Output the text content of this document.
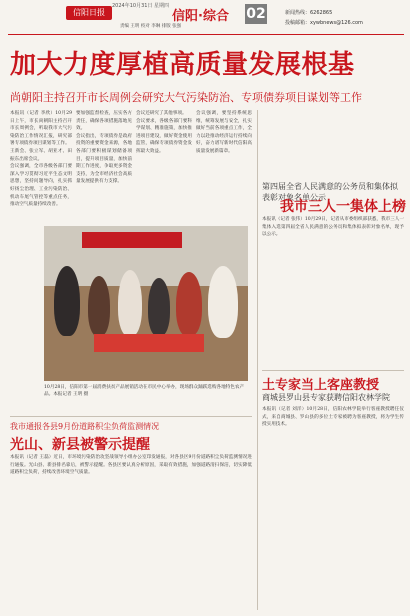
信阳日报
2024年10月31日 星期四
信阳·综合 02
责编 王明 校对 李琳 排版 张强
新闻热线：6262865
投稿邮箱：xywbnews@126.com
加大力度厚植高质量发展根基
尚朝阳主持召开市长周例会研究大气污染防治、专项债券项目谋划等工作

本报讯（记者 李欣）10月29日上午，市长尚朝阳主持召开市长周例会，听取我市大气污染防治工作情况汇报，研究部署专项债券项目谋划等工作。

王新会、张立军、胡亚才、田振东出席会议。

会议强调，全市各级各部门要深入学习贯彻习近平生态文明思想，坚持问题导向，扎实抓好扬尘治理、工业污染防治、机动车尾气管控等重点任务，推动空气质量持续改善。

要加强监督检查，压实各方责任，确保各项措施落地见效。

会议指出，专项债券是政府投资的重要资金来源，各地各部门要积极谋划储备项目，提升项目质量，加快前期工作进度，争取更多资金支持，为全市经济社会高质量发展提供有力支撑。

会议还研究了其他事项。

会议要求，各级各部门要科学谋划、精准施策，加快推进项目建设，做好资金使用监管，确保专项债券资金发挥最大效益。

会议强调，要坚持系统思维，统筹发展与安全，扎实做好当前各项重点工作，全力以赴推动经济运行持续向好，奋力谱写新时代信阳高质量发展新篇章。

10月28日，信阳市第一届消费扶贫产品展销活动在市民中心举办，现场群众踊跃选购各地特色农产品。本报记者 王明 摄
第四届全省人民满意的公务员和集体拟表彰对象名单公示
我市三人一集体上榜

本报讯（记者 张伟）10月29日，记者从市委组织部获悉，我市三人一集体入选第四届全省人民满意的公务员和集体拟表彰对象名单，现予以公示。

土专家当上客座教授
商城县罗山县专家获聘信阳农林学院

本报讯（记者 刘洋）10月28日，信阳农林学院举行客座教授聘任仪式，来自商城县、罗山县的多位土专家被聘为客座教授，将为学生传授实用技术。

我市通报各县9月份道路积尘负荷监测情况
光山、新县被警示提醒

本报讯（记者 王磊）近日，市环境污染防治攻坚战领导小组办公室印发通报，对各县区9月份道路积尘负荷监测情况进行通报。光山县、新县排名靠后，被警示提醒。各县区要认真分析原因，采取有效措施，加强道路清扫保洁，切实降低道路积尘负荷，持续改善环境空气质量。
